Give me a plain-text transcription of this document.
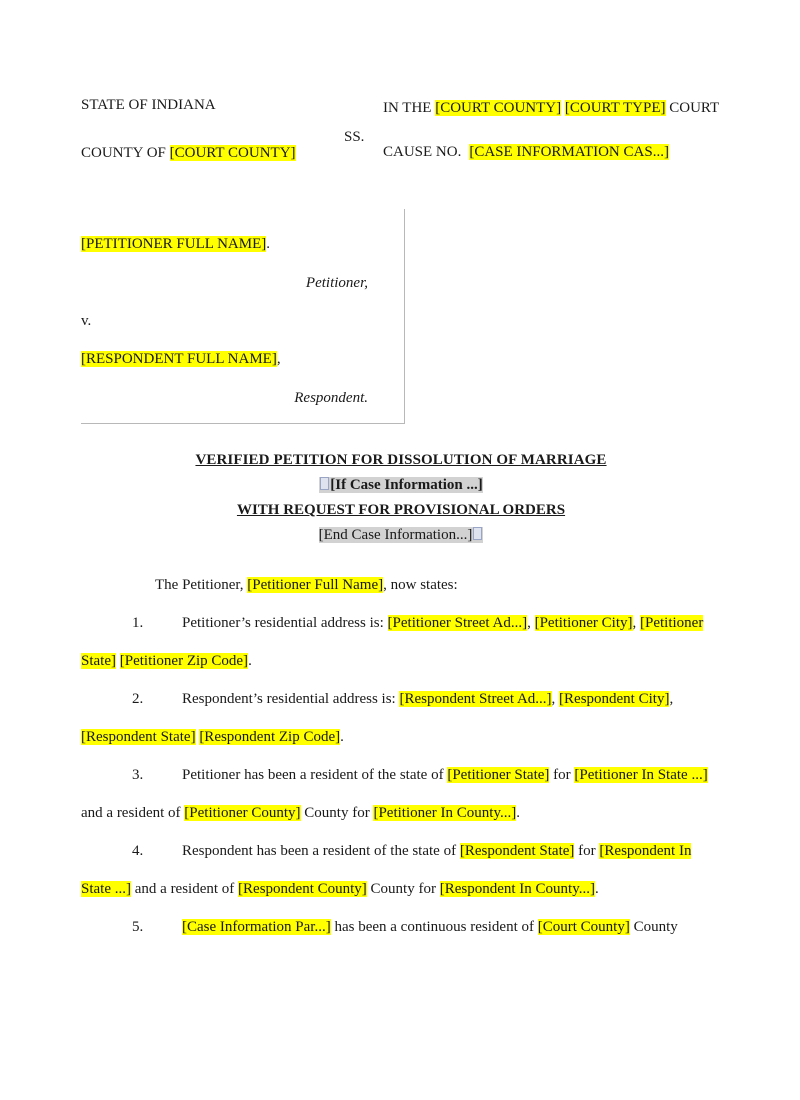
STATE OF INDIANA
COUNTY OF [COURT COUNTY]
SS.
IN THE [COURT COUNTY] [COURT TYPE] COURT
CAUSE NO. [CASE INFORMATION CAS...]
[PETITIONER FULL NAME].
Petitioner,
v.
[RESPONDENT FULL NAME],
Respondent.
VERIFIED PETITION FOR DISSOLUTION OF MARRIAGE
[If Case Information ...]
WITH REQUEST FOR PROVISIONAL ORDERS
[End Case Information...]

The Petitioner, [Petitioner Full Name], now states:

1.	Petitioner’s residential address is: [Petitioner Street Ad...], [Petitioner City], [Petitioner State] [Petitioner Zip Code].

2.	Respondent’s residential address is: [Respondent Street Ad...], [Respondent City], [Respondent State] [Respondent Zip Code].

3.	Petitioner has been a resident of the state of [Petitioner State] for [Petitioner In State ...] and a resident of [Petitioner County] County for [Petitioner In County...].

4.	Respondent has been a resident of the state of [Respondent State] for [Respondent In State ...] and a resident of [Respondent County] County for [Respondent In County...].

5.	[Case Information Par...] has been a continuous resident of [Court County] County
